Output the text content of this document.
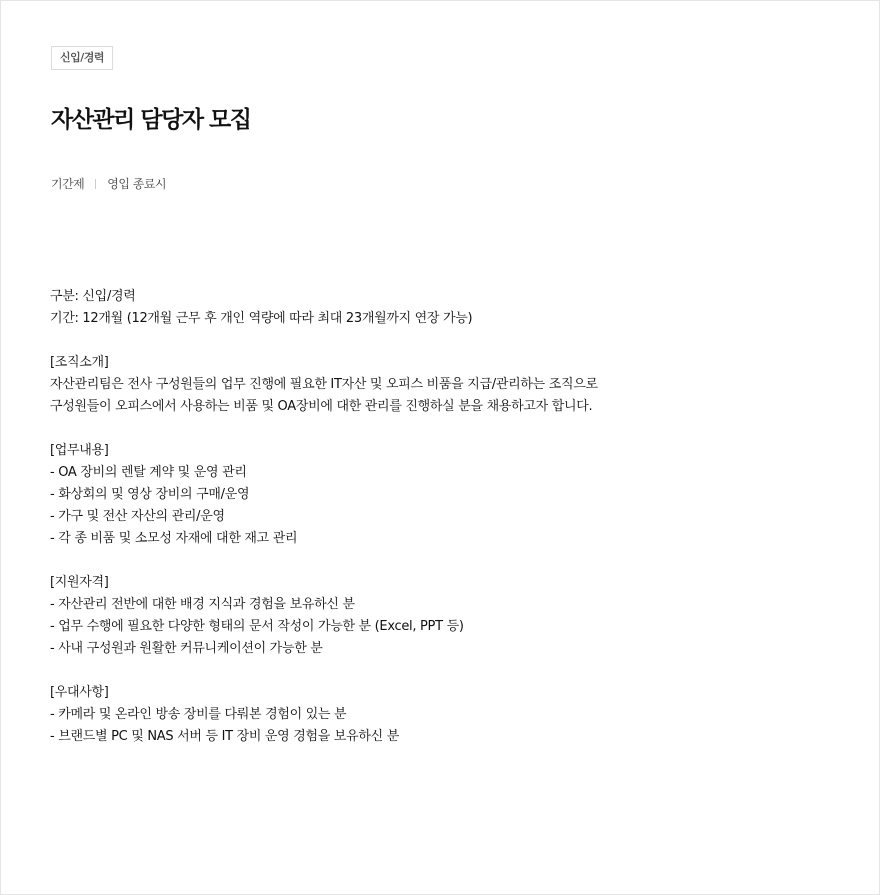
신입/경력
자산관리 담당자 모집
기간제 영입 종료시
구분: 신입/경력
기간: 12개월 (12개월 근무 후 개인 역량에 따라 최대 23개월까지 연장 가능)
[조직소개]
자산관리팀은 전사 구성원들의 업무 진행에 필요한 IT자산 및 오피스 비품을 지급/관리하는 조직으로
구성원들이 오피스에서 사용하는 비품 및 OA장비에 대한 관리를 진행하실 분을 채용하고자 합니다.
[업무내용]
- OA 장비의 렌탈 계약 및 운영 관리
- 화상회의 및 영상 장비의 구매/운영
- 가구 및 전산 자산의 관리/운영
- 각 종 비품 및 소모성 자재에 대한 재고 관리
[지원자격]
- 자산관리 전반에 대한 배경 지식과 경험을 보유하신 분
- 업무 수행에 필요한 다양한 형태의 문서 작성이 가능한 분 (Excel, PPT 등)
- 사내 구성원과 원활한 커뮤니케이션이 가능한 분
[우대사항]
- 카메라 및 온라인 방송 장비를 다뤄본 경험이 있는 분
- 브랜드별 PC 및 NAS 서버 등 IT 장비 운영 경험을 보유하신 분
